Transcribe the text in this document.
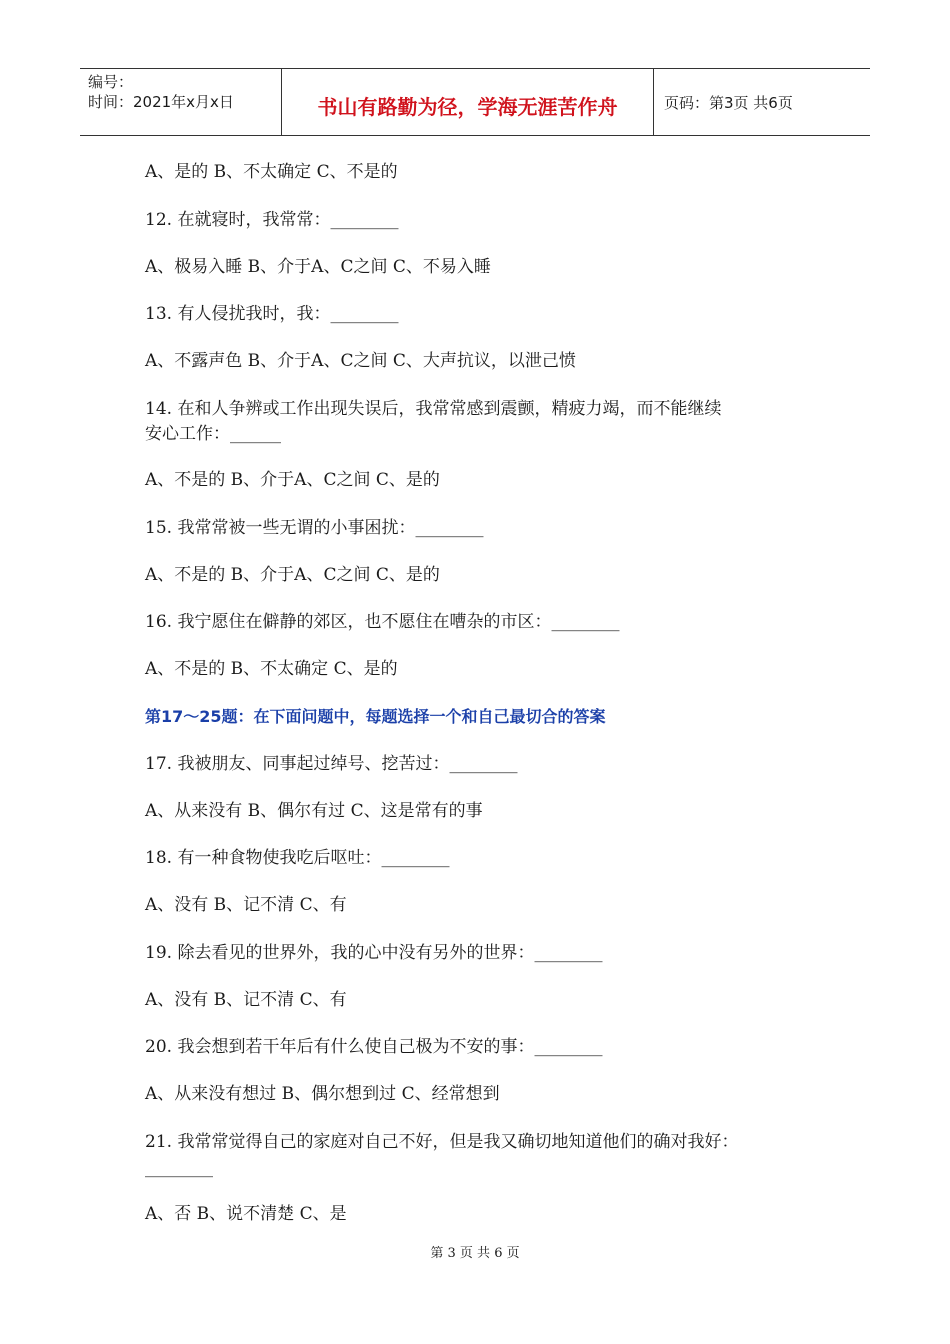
编号：
时间：2021年x月x日	书山有路勤为径，学海无涯苦作舟	页码：第3页 共6页
A、是的 B、不太确定 C、不是的
12. 在就寝时，我常常：________
A、极易入睡 B、介于A、C之间 C、不易入睡
13. 有人侵扰我时，我：________
A、不露声色 B、介于A、C之间 C、大声抗议，以泄己愤
14. 在和人争辨或工作出现失误后，我常常感到震颤，精疲力竭，而不能继续
安心工作：______
A、不是的 B、介于A、C之间 C、是的
15. 我常常被一些无谓的小事困扰：________
A、不是的 B、介于A、C之间 C、是的
16. 我宁愿住在僻静的郊区，也不愿住在嘈杂的市区：________
A、不是的 B、不太确定 C、是的
第17～25题：在下面问题中，每题选择一个和自己最切合的答案
17. 我被朋友、同事起过绰号、挖苦过：________
A、从来没有 B、偶尔有过 C、这是常有的事
18. 有一种食物使我吃后呕吐：________
A、没有 B、记不清 C、有
19. 除去看见的世界外，我的心中没有另外的世界：________
A、没有 B、记不清 C、有
20. 我会想到若干年后有什么使自己极为不安的事：________
A、从来没有想过 B、偶尔想到过 C、经常想到
21. 我常常觉得自己的家庭对自己不好，但是我又确切地知道他们的确对我好：
________
A、否 B、说不清楚 C、是
第 3 页 共 6 页
